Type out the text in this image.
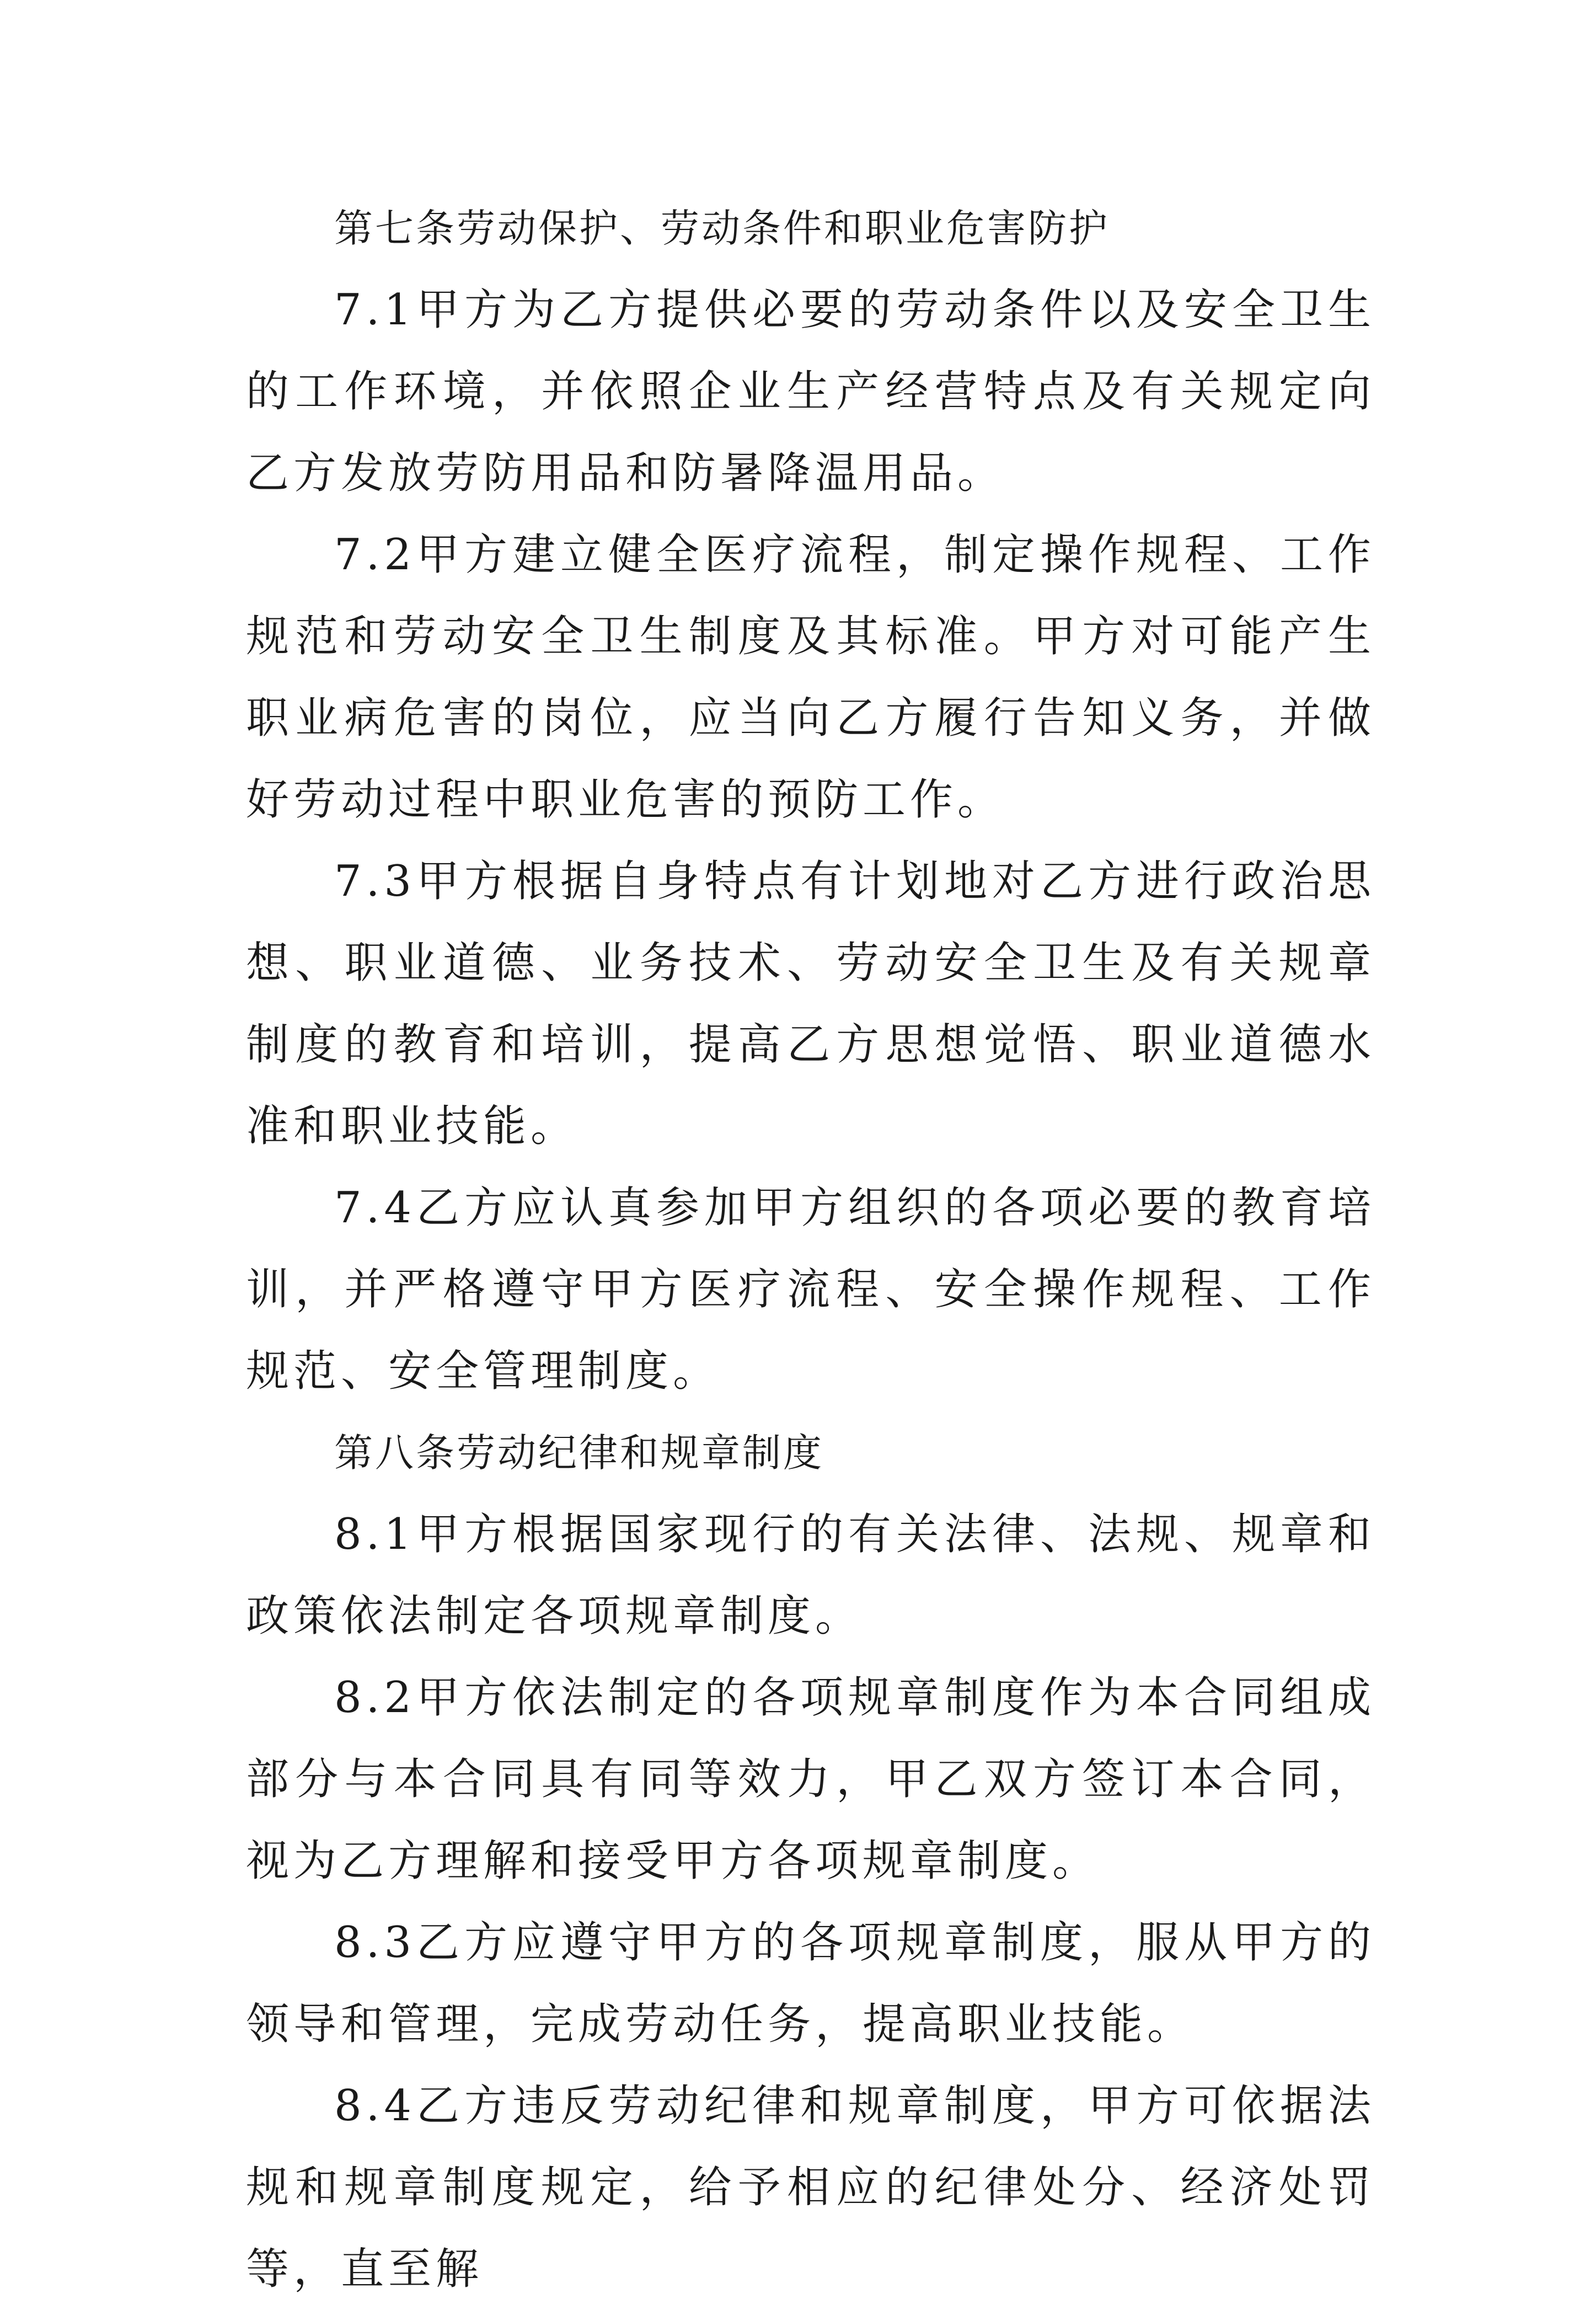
第七条劳动保护、劳动条件和职业危害防护

7.1甲方为乙方提供必要的劳动条件以及安全卫生的工作环境，并依照企业生产经营特点及有关规定向乙方发放劳防用品和防暑降温用品。

7.2甲方建立健全医疗流程，制定操作规程、工作规范和劳动安全卫生制度及其标准。甲方对可能产生职业病危害的岗位，应当向乙方履行告知义务，并做好劳动过程中职业危害的预防工作。

7.3甲方根据自身特点有计划地对乙方进行政治思想、职业道德、业务技术、劳动安全卫生及有关规章制度的教育和培训，提高乙方思想觉悟、职业道德水准和职业技能。

7.4乙方应认真参加甲方组织的各项必要的教育培训，并严格遵守甲方医疗流程、安全操作规程、工作规范、安全管理制度。

第八条劳动纪律和规章制度

8.1甲方根据国家现行的有关法律、法规、规章和政策依法制定各项规章制度。

8.2甲方依法制定的各项规章制度作为本合同组成部分与本合同具有同等效力，甲乙双方签订本合同，视为乙方理解和接受甲方各项规章制度。

8.3乙方应遵守甲方的各项规章制度，服从甲方的领导和管理，完成劳动任务，提高职业技能。

8.4乙方违反劳动纪律和规章制度，甲方可依据法规和规章制度规定，给予相应的纪律处分、经济处罚等，直至解
